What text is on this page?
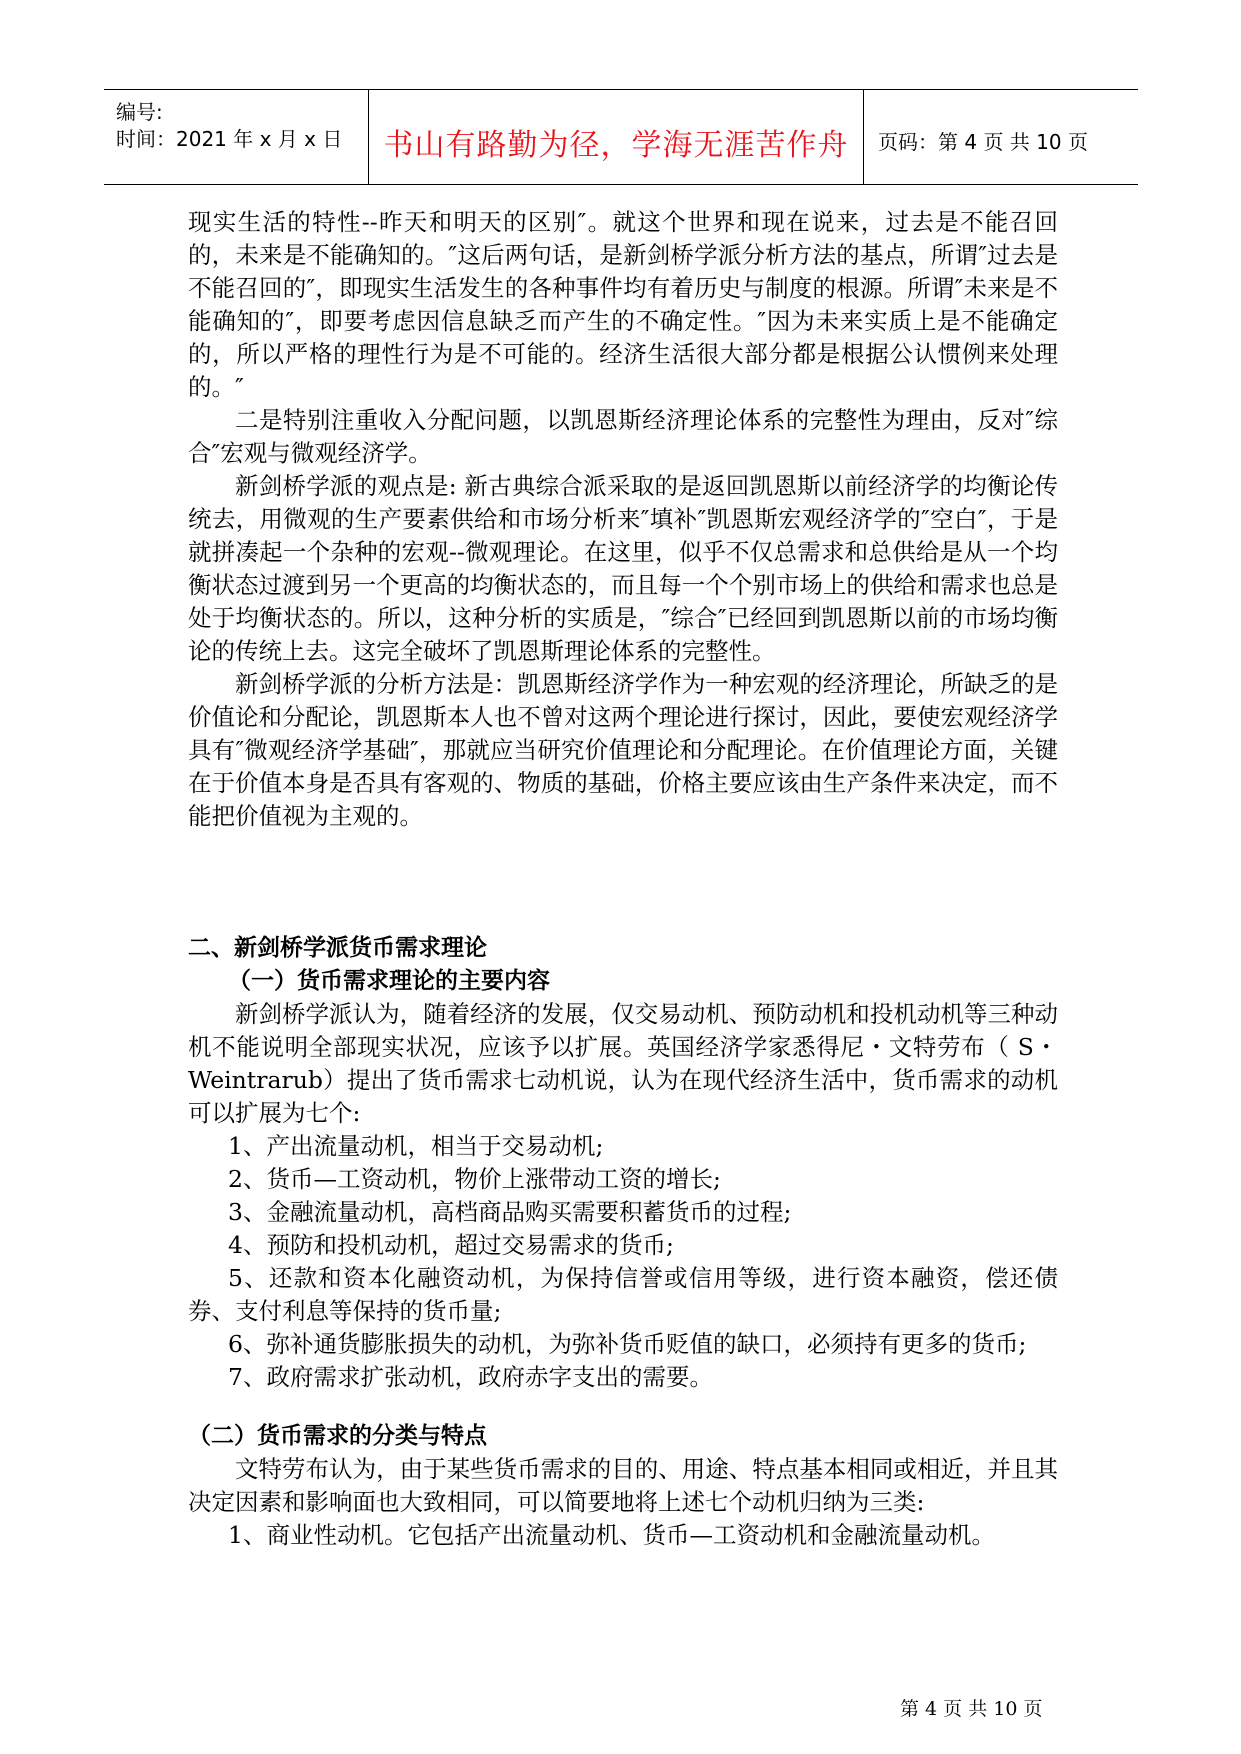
编号:
时间：2021 年 x 月 x 日	书山有路勤为径，学海无涯苦作舟	页码：第 4 页 共 10 页

现实生活的特性--昨天和明天的区别″。就这个世界和现在说来，过去是不能召回的，未来是不能确知的。″这后两句话，是新剑桥学派分析方法的基点，所谓″过去是不能召回的″，即现实生活发生的各种事件均有着历史与制度的根源。所谓″未来是不能确知的″，即要考虑因信息缺乏而产生的不确定性。″因为未来实质上是不能确定的，所以严格的理性行为是不可能的。经济生活很大部分都是根据公认惯例来处理的。″

二是特别注重收入分配问题，以凯恩斯经济理论体系的完整性为理由，反对″综合″宏观与微观经济学。

新剑桥学派的观点是: 新古典综合派采取的是返回凯恩斯以前经济学的均衡论传统去，用微观的生产要素供给和市场分析来″填补″凯恩斯宏观经济学的″空白″，于是就拼凑起一个杂种的宏观--微观理论。在这里，似乎不仅总需求和总供给是从一个均衡状态过渡到另一个更高的均衡状态的，而且每一个个别市场上的供给和需求也总是处于均衡状态的。所以，这种分析的实质是，″综合″已经回到凯恩斯以前的市场均衡论的传统上去。这完全破坏了凯恩斯理论体系的完整性。

新剑桥学派的分析方法是：凯恩斯经济学作为一种宏观的经济理论，所缺乏的是价值论和分配论，凯恩斯本人也不曾对这两个理论进行探讨，因此，要使宏观经济学具有″微观经济学基础″，那就应当研究价值理论和分配理论。在价值理论方面，关键在于价值本身是否具有客观的、物质的基础，价格主要应该由生产条件来决定，而不能把价值视为主观的。

二、新剑桥学派货币需求理论

（一）货币需求理论的主要内容

新剑桥学派认为，随着经济的发展，仅交易动机、预防动机和投机动机等三种动机不能说明全部现实状况，应该予以扩展。英国经济学家悉得尼・文特劳布（ S・Weintrarub）提出了货币需求七动机说，认为在现代经济生活中，货币需求的动机可以扩展为七个:

1、产出流量动机，相当于交易动机;

2、货币—工资动机，物价上涨带动工资的增长;

3、金融流量动机，高档商品购买需要积蓄货币的过程;

4、预防和投机动机，超过交易需求的货币;

5、还款和资本化融资动机，为保持信誉或信用等级，进行资本融资，偿还债券、支付利息等保持的货币量;

6、弥补通货膨胀损失的动机，为弥补货币贬值的缺口，必须持有更多的货币;

7、政府需求扩张动机，政府赤字支出的需要。

（二）货币需求的分类与特点

文特劳布认为，由于某些货币需求的目的、用途、特点基本相同或相近，并且其决定因素和影响面也大致相同，可以简要地将上述七个动机归纳为三类:

1、商业性动机。它包括产出流量动机、货币—工资动机和金融流量动机。

第 4 页 共 10 页
